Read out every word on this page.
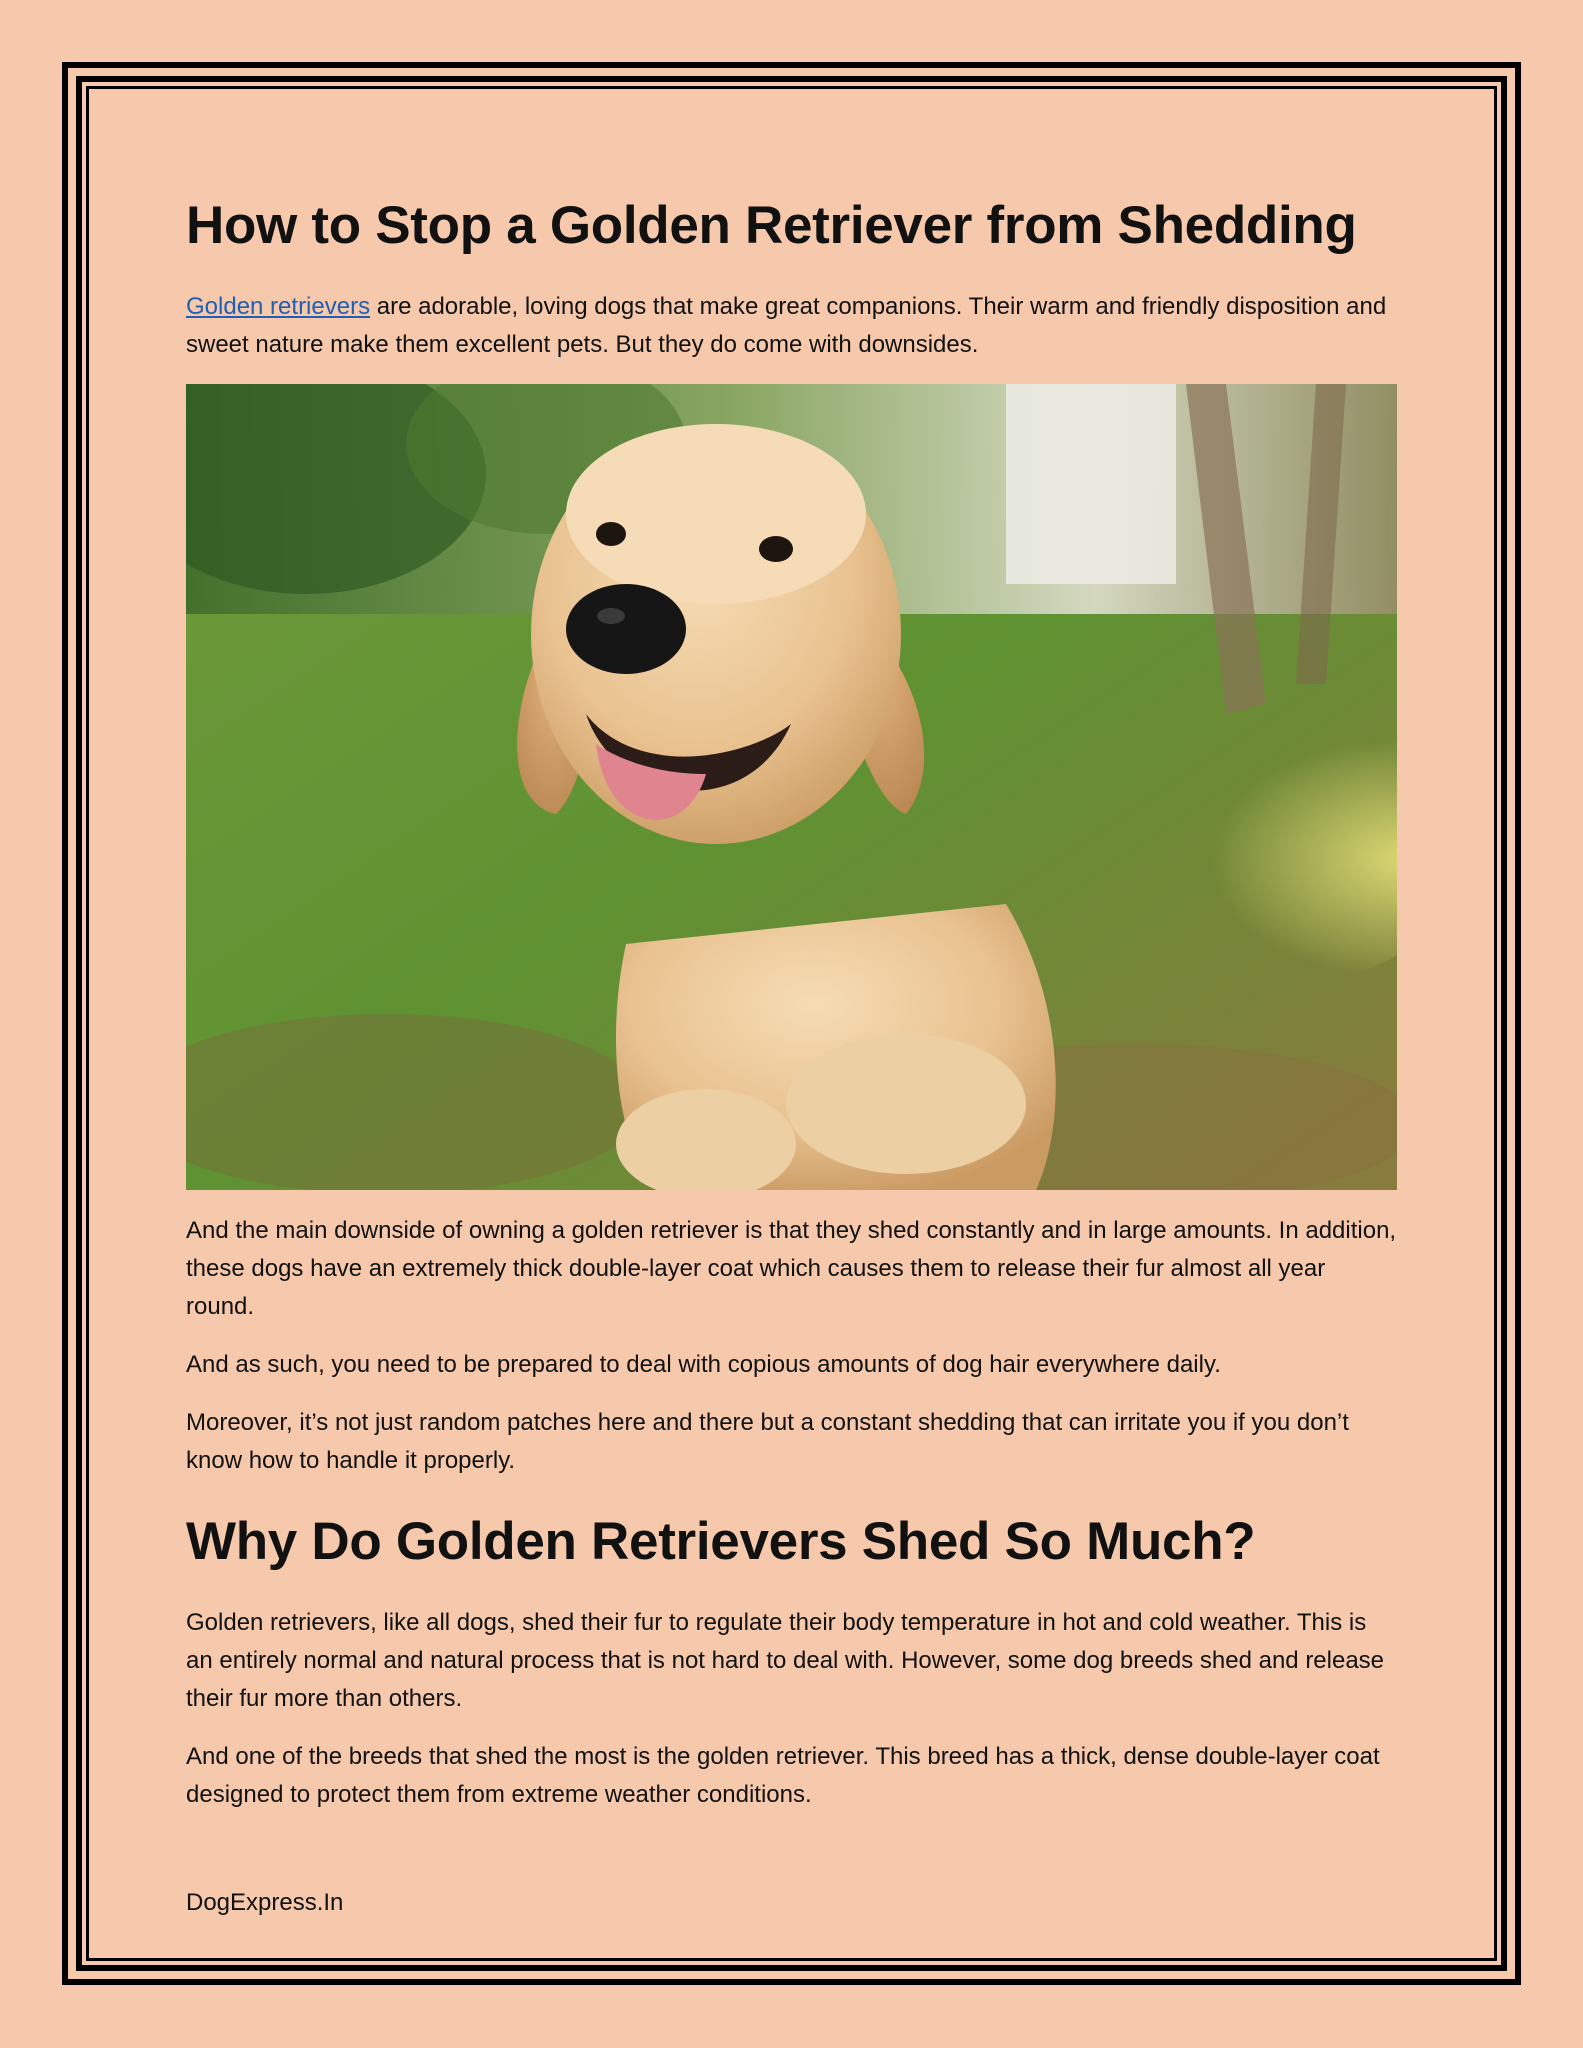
How to Stop a Golden Retriever from Shedding

Golden retrievers are adorable, loving dogs that make great companions. Their warm and friendly disposition and sweet nature make them excellent pets. But they do come with downsides.

And the main downside of owning a golden retriever is that they shed constantly and in large amounts. In addition, these dogs have an extremely thick double-layer coat which causes them to release their fur almost all year round.

And as such, you need to be prepared to deal with copious amounts of dog hair everywhere daily.

Moreover, it’s not just random patches here and there but a constant shedding that can irritate you if you don’t know how to handle it properly.

Why Do Golden Retrievers Shed So Much?

Golden retrievers, like all dogs, shed their fur to regulate their body temperature in hot and cold weather. This is an entirely normal and natural process that is not hard to deal with. However, some dog breeds shed and release their fur more than others.

And one of the breeds that shed the most is the golden retriever. This breed has a thick, dense double-layer coat designed to protect them from extreme weather conditions.

DogExpress.In
